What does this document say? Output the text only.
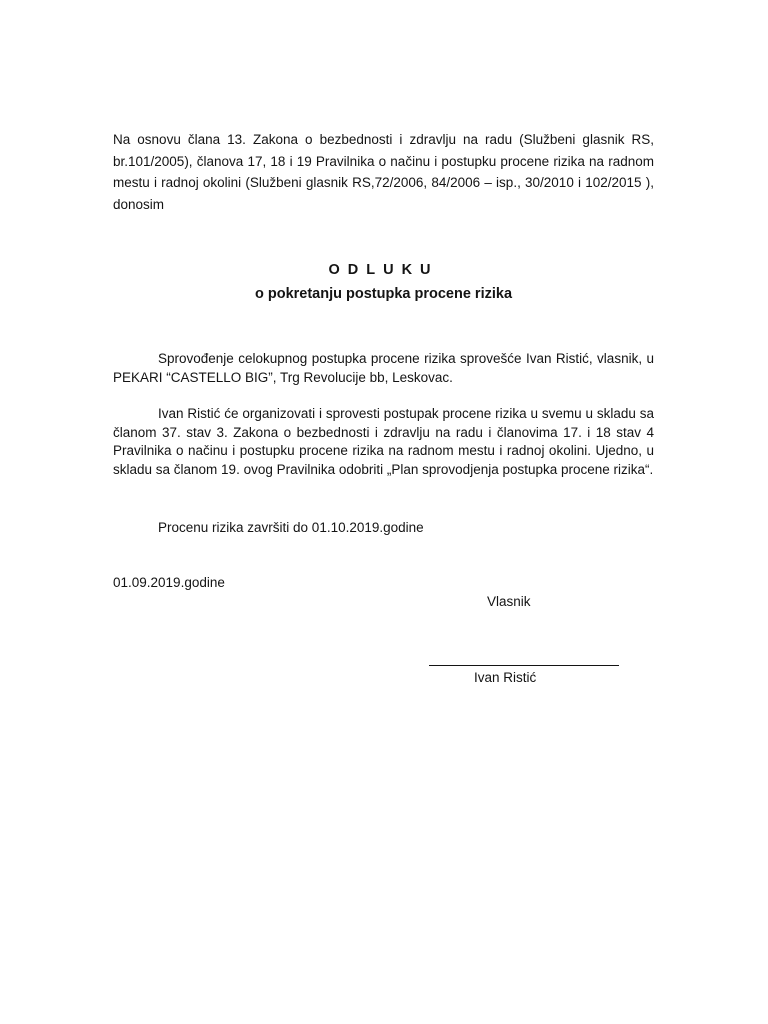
Na osnovu člana 13. Zakona o bezbednosti i zdravlju na radu (Službeni glasnik RS, br.101/2005), članova 17, 18 i 19 Pravilnika o načinu i postupku procene rizika na radnom mestu i radnoj okolini (Službeni glasnik RS,72/2006, 84/2006 – isp., 30/2010 i 102/2015 ), donosim

ODLUKU
o pokretanju postupka procene rizika

Sprovođenje celokupnog postupka procene rizika sprovešće Ivan Ristić, vlasnik, u PEKARI “CASTELLO BIG”, Trg Revolucije bb, Leskovac.

Ivan Ristić će organizovati i sprovesti postupak procene rizika u svemu u skladu sa članom 37. stav 3. Zakona o bezbednosti i zdravlju na radu i članovima 17. i 18 stav 4 Pravilnika o načinu i postupku procene rizika na radnom mestu i radnoj okolini. Ujedno, u skladu sa članom 19. ovog Pravilnika odobriti „Plan sprovodjenja postupka procene rizika“.

Procenu rizika završiti do 01.10.2019.godine

01.09.2019.godine

Vlasnik

Ivan Ristić
